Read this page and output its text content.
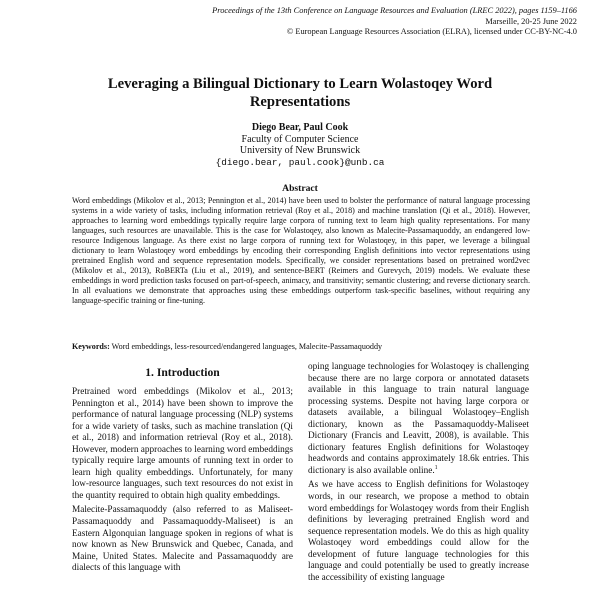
Proceedings of the 13th Conference on Language Resources and Evaluation (LREC 2022), pages 1159–1166
Marseille, 20-25 June 2022
© European Language Resources Association (ELRA), licensed under CC-BY-NC-4.0
Leveraging a Bilingual Dictionary to Learn Wolastoqey Word Representations
Diego Bear, Paul Cook
Faculty of Computer Science
University of New Brunswick
{diego.bear, paul.cook}@unb.ca
Abstract
Word embeddings (Mikolov et al., 2013; Pennington et al., 2014) have been used to bolster the performance of natural language processing systems in a wide variety of tasks, including information retrieval (Roy et al., 2018) and machine translation (Qi et al., 2018). However, approaches to learning word embeddings typically require large corpora of running text to learn high quality representations. For many languages, such resources are unavailable. This is the case for Wolastoqey, also known as Malecite-Passamaquoddy, an endangered low-resource Indigenous language. As there exist no large corpora of running text for Wolastoqey, in this paper, we leverage a bilingual dictionary to learn Wolastoqey word embeddings by encoding their corresponding English definitions into vector representations using pretrained English word and sequence representation models. Specifically, we consider representations based on pretrained word2vec (Mikolov et al., 2013), RoBERTa (Liu et al., 2019), and sentence-BERT (Reimers and Gurevych, 2019) models. We evaluate these embeddings in word prediction tasks focused on part-of-speech, animacy, and transitivity; semantic clustering; and reverse dictionary search. In all evaluations we demonstrate that approaches using these embeddings outperform task-specific baselines, without requiring any language-specific training or fine-tuning.
Keywords: Word embeddings, less-resourced/endangered languages, Malecite-Passamaquoddy
1. Introduction

Pretrained word embeddings (Mikolov et al., 2013; Pennington et al., 2014) have been shown to improve the performance of natural language processing (NLP) systems for a wide variety of tasks, such as machine translation (Qi et al., 2018) and information retrieval (Roy et al., 2018). However, modern approaches to learning word embeddings typically require large amounts of running text in order to learn high quality embeddings. Unfortunately, for many low-resource languages, such text resources do not exist in the quantity required to obtain high quality embeddings.

Malecite-Passamaquoddy (also referred to as Maliseet-Passamaquoddy and Passamaquoddy-Maliseet) is an Eastern Algonquian language spoken in regions of what is now known as New Brunswick and Quebec, Canada, and Maine, United States. Malecite and Passamaquoddy are dialects of this language with

oping language technologies for Wolastoqey is challenging because there are no large corpora or annotated datasets available in this language to train natural language processing systems. Despite not having large corpora or datasets available, a bilingual Wolastoqey–English dictionary, known as the Passamaquoddy-Maliseet Dictionary (Francis and Leavitt, 2008), is available. This dictionary features English definitions for Wolastoqey headwords and contains approximately 18.6k entries. This dictionary is also available online.$^1$

As we have access to English definitions for Wolastoqey words, in our research, we propose a method to obtain word embeddings for Wolastoqey words from their English definitions by leveraging pretrained English word and sequence representation models. We do this as high quality Wolastoqey word embeddings could allow for the development of future language technologies for this language and could potentially be used to greatly increase the accessibility of existing language
